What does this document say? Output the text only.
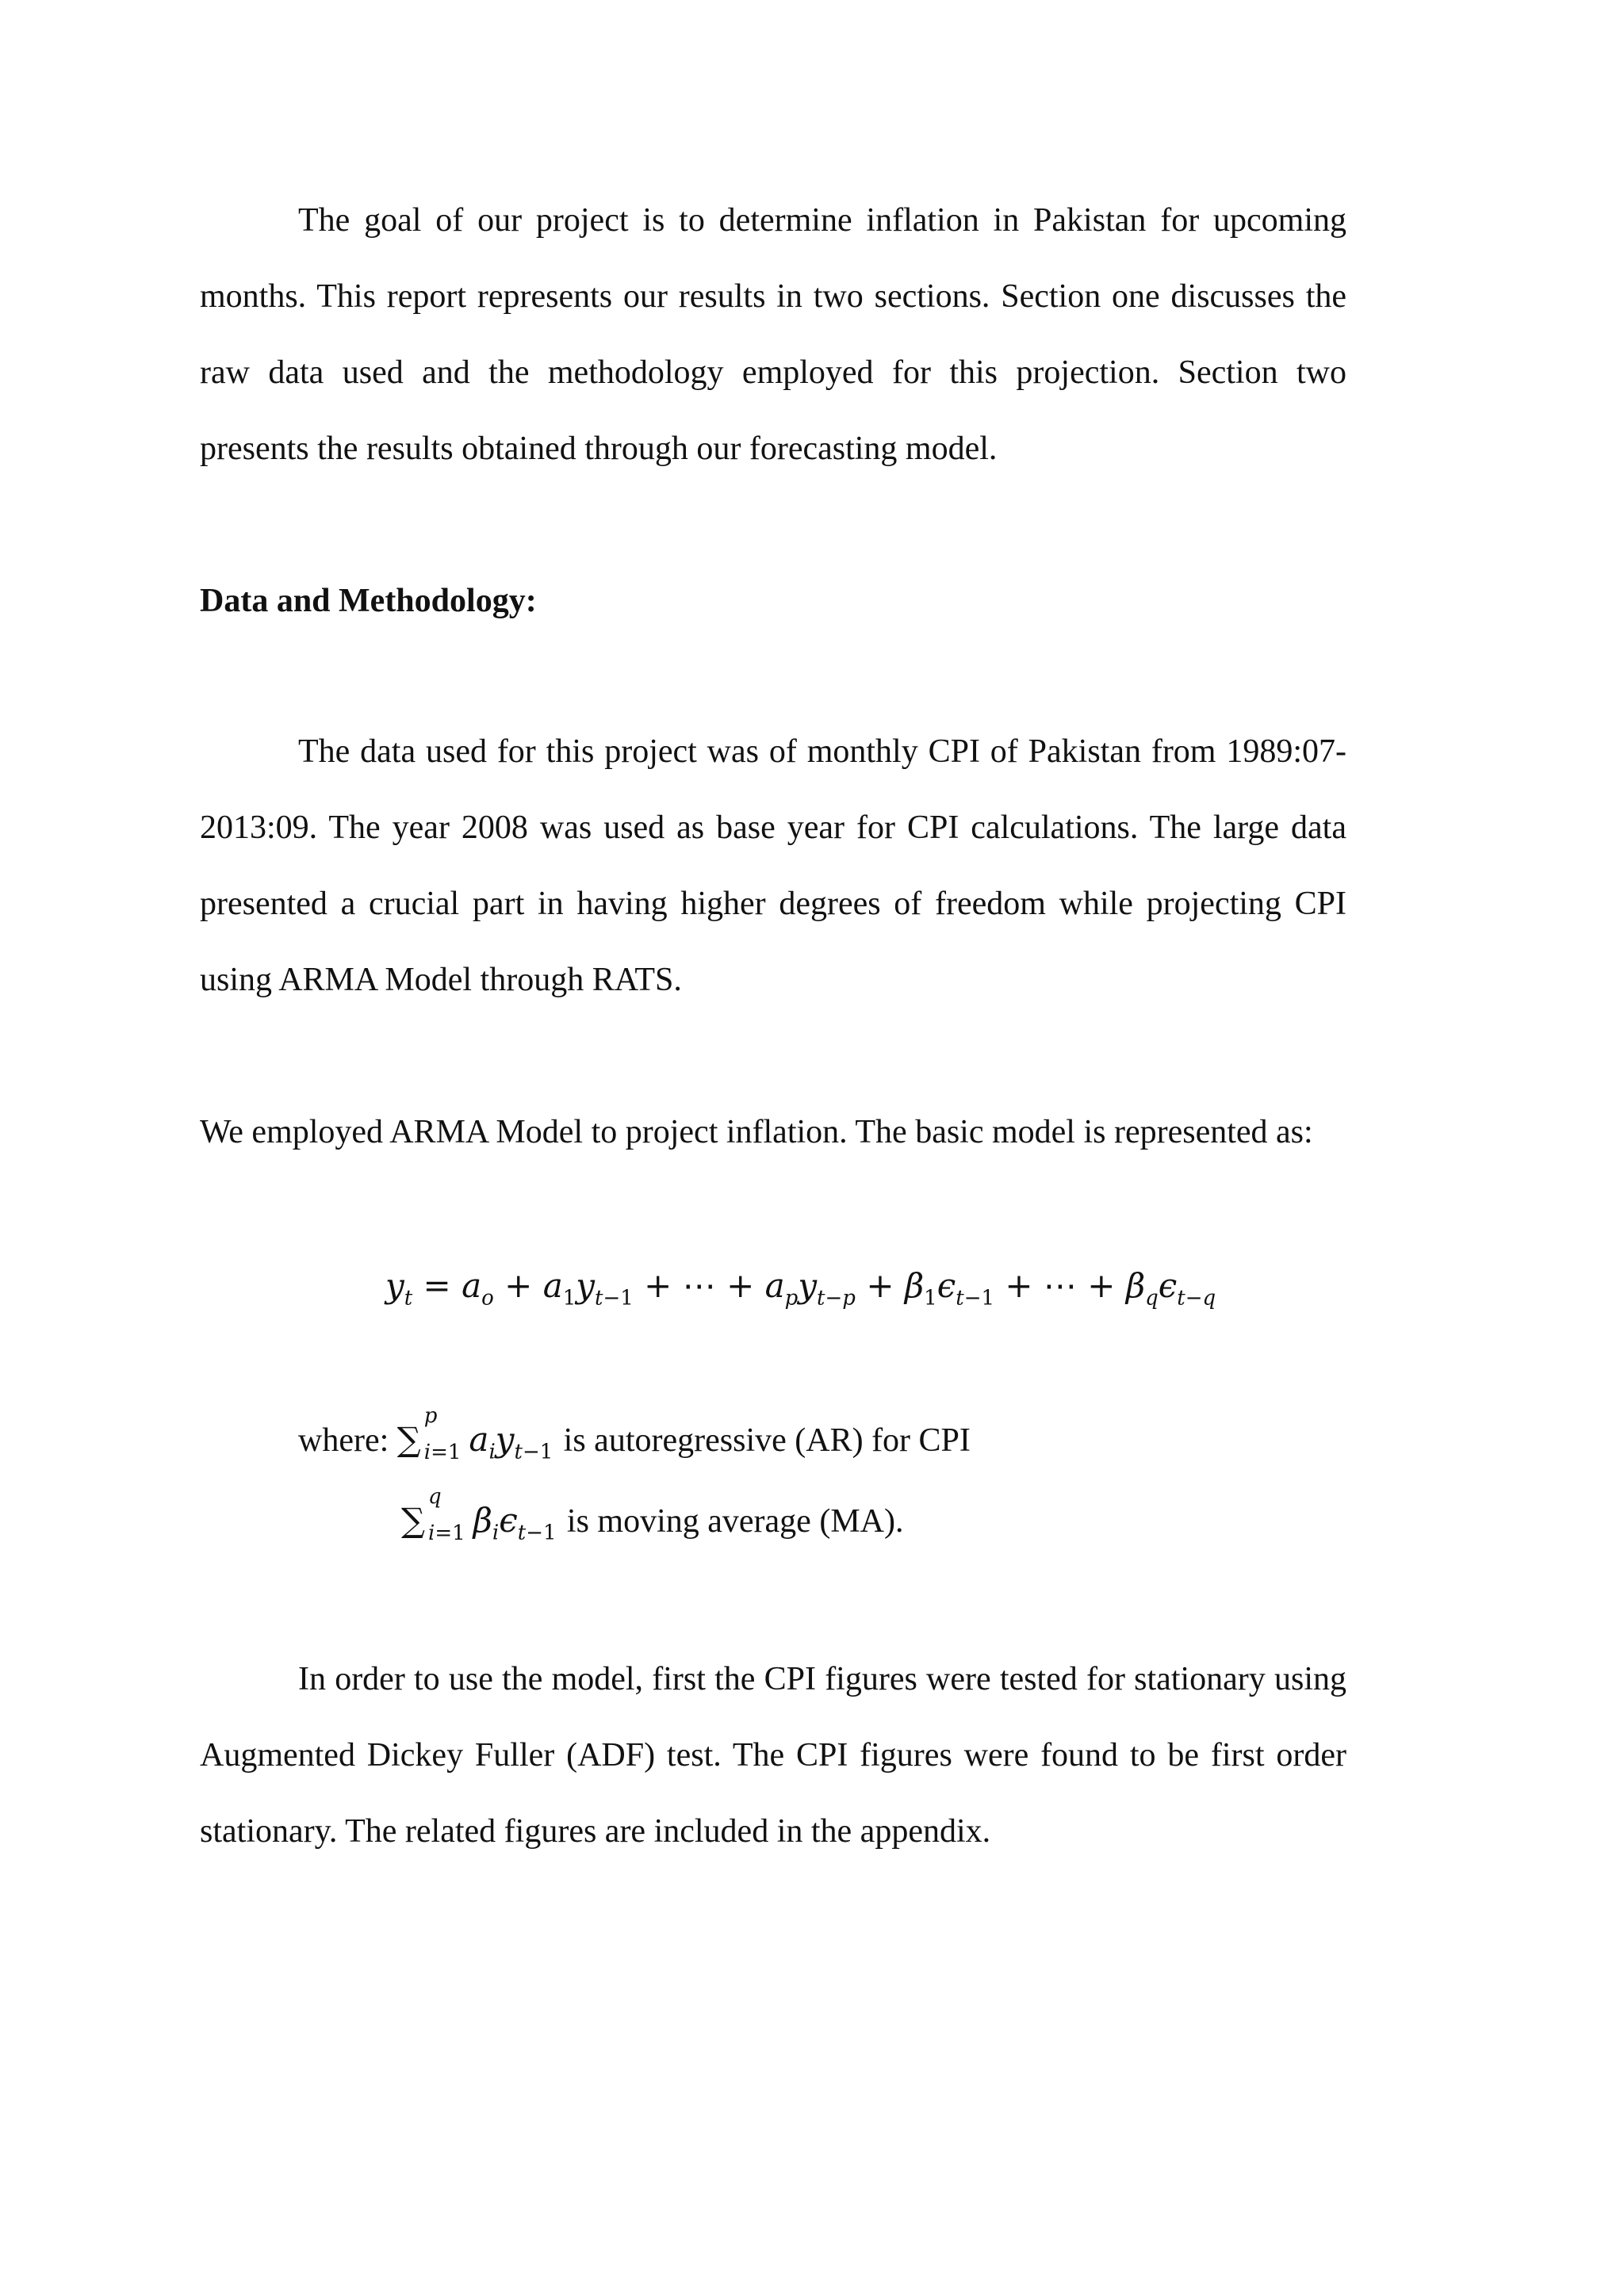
The goal of our project is to determine inflation in Pakistan for upcoming
months. This report represents our results in two sections. Section one discusses the
raw data used and the methodology employed for this projection. Section two
presents the results obtained through our forecasting model.
Data and Methodology:
The data used for this project was of monthly CPI of Pakistan from 1989:07-
2013:09. The year 2008 was used as base year for CPI calculations. The large data
presented a crucial part in having higher degrees of freedom while projecting CPI
using ARMA Model through RATS.
We employed ARMA Model to project inflation. The basic model is represented as:
$y_t = a_o + a_1y_{t-1}$ + ⋯ + $a_py_{t-p} + \beta_1\epsilon_{t-1}$ + ⋯ + $\beta_q\epsilon_{t-q}$
where: ∑
p
i=1 $a_iy_{t-1}$ is autoregressive (AR) for CPI
∑
q
i=1 $\beta_i\epsilon_{t-1}$ is moving average (MA).
In order to use the model, first the CPI figures were tested for stationary using
Augmented Dickey Fuller (ADF) test. The CPI figures were found to be first order
stationary. The related figures are included in the appendix.
